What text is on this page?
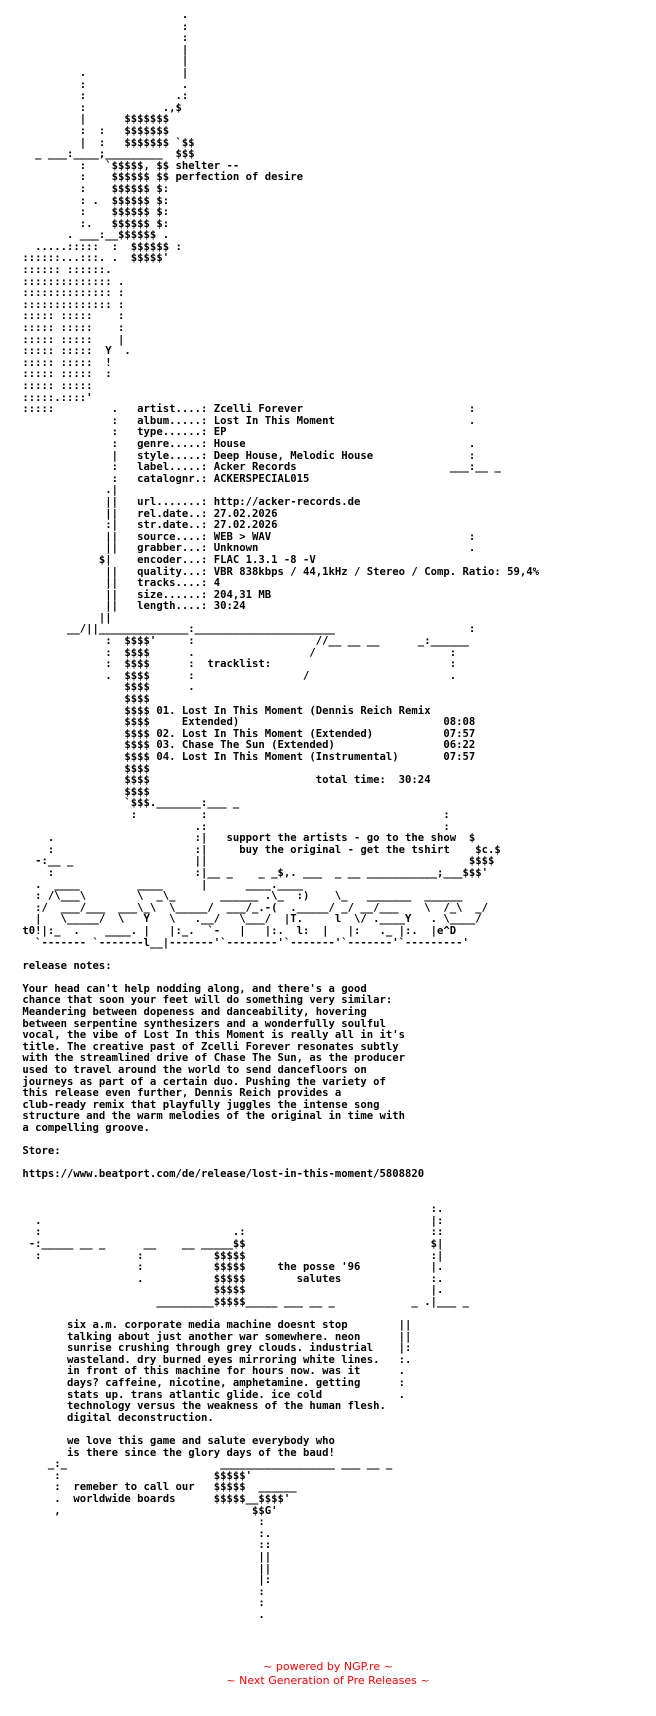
.
:
:
|
|
.               |
:               .
:              .:
:            .,$
|      $$$$$$$
:  :   $$$$$$$
|  :   $$$$$$$ `$$
_ ___:____;_________  $$$
:   `$$$$$, $$ shelter --
:    $$$$$$ $$ perfection of desire
:    $$$$$$ $:
: .  $$$$$$ $:
:    $$$$$$ $:
:.   $$$$$$ $:
. ___:__$$$$$$ .
.....:::::  :  $$$$$$ :
::::::...:::. .  $$$$$'
:::::: ::::::.
:::::::::::::: .
:::::::::::::: :
:::::::::::::: :
::::: :::::    :
::::: :::::    :
::::: :::::    |
::::: :::::  Y  .
::::: :::::  !
::::: :::::  :
::::: :::::
:::::.::::'
:::::         .   artist....: Zcelli Forever                          :
:   album.....: Lost In This Moment                     .
:   type......: EP
:   genre.....: House                                   .
|   style.....: Deep House, Melodic House               :
:   label.....: Acker Records                        ___:__ _
:   catalognr.: ACKERSPECIAL015
.|
||   url.......: http://acker-records.de
||   rel.date..: 27.02.2026
:|   str.date..: 27.02.2026
||   source....: WEB > WAV                               :
||   grabber...: Unknown                                 .
$|    encoder...: FLAC 1.3.1 -8 -V
||   quality...: VBR 838kbps / 44,1kHz / Stereo / Comp. Ratio: 59,4%
||   tracks....: 4
||   size......: 204,31 MB
||   length....: 30:24
||
__/||______________:______________________                     :
:  $$$$'     :                   //__ __ __      _:______
:  $$$$      .                  /                     :
:  $$$$      :  tracklist:                            :
.  $$$$      :                 /                      .
$$$$      .
$$$$
$$$$ 01. Lost In This Moment (Dennis Reich Remix
$$$$     Extended)                                08:08
$$$$ 02. Lost In This Moment (Extended)           07:57
$$$$ 03. Chase The Sun (Extended)                 06:22
$$$$ 04. Lost In This Moment (Instrumental)       07:57
$$$$
$$$$                          total time:  30:24
$$$$
`$$$._______:___ _
:          :                                     :
.:                                     :
.                      :|   support the artists - go to the show  $
:                      :|     buy the original - get the tshirt    $c.$
-:__ _                   ||                                         $$$$
:                      :|__ _    _ _$,. ___  _ __ ___________;___$$$'
.  ____         ____      |      ____.____
: /\___\        \  _\_       ______ .\_  :)    \_   _______  ______
:/  ___/___  ___\_\  \_____/  ___/_.-(  ._____/ _/ __/___    \  /_\  _/
|   \_____/  \   Y   \   .__/   \___/  |T.     l  \/ .____Y   . \____/
t0!|:_  .    ____. |   |:_.  `-   |   |:.  l:  |   |:   ._ |:.  |e^D
`------- `-------l__|-------'`--------'`-------'`-------'`---------'

release notes:

Your head can't help nodding along, and there's a good
chance that soon your feet will do something very similar:
Meandering between dopeness and danceability, hovering
between serpentine synthesizers and a wonderfully soulful
vocal, the vibe of Lost In this Moment is really all in it's
title. The creative past of Zcelli Forever resonates subtly
with the streamlined drive of Chase The Sun, as the producer
used to travel around the world to send dancefloors on
journeys as part of a certain duo. Pushing the variety of
this release even further, Dennis Reich provides a
club-ready remix that playfully juggles the intense song
structure and the warm melodies of the original in time with
a compelling groove.

Store:

https://www.beatport.com/de/release/lost-in-this-moment/5808820

:.
.                                                             |:
:                              .:                             ::
-:_____ __ _      __    __ _____$$                             $|
:               :           $$$$$                             :|
:           $$$$$     the posse '96           |.
.           $$$$$        salutes              :.
$$$$$                             |.
_________$$$$$_____ ___ __ _            _ .|___ _

six a.m. corporate media machine doesnt stop        ||
talking about just another war somewhere. neon      ||
sunrise crushing through grey clouds. industrial    |:
wasteland. dry burned eyes mirroring white lines.   :.
in front of this machine for hours now. was it      .
days? caffeine, nicotine, amphetamine. getting      :
stats up. trans atlantic glide. ice cold            .
technology versus the weakness of the human flesh.
digital deconstruction.

we love this game and salute everybody who
is there since the glory days of the baud!
_:_                        __________________ ___ __ _
:                        $$$$$'
:  remeber to call our   $$$$$  ______
.  worldwide boards      $$$$$__$$$$'
,                              $$G'
:
:.
::
||
||
|:
:
:
.

~ powered by NGP.re ~
~ Next Generation of Pre Releases ~
